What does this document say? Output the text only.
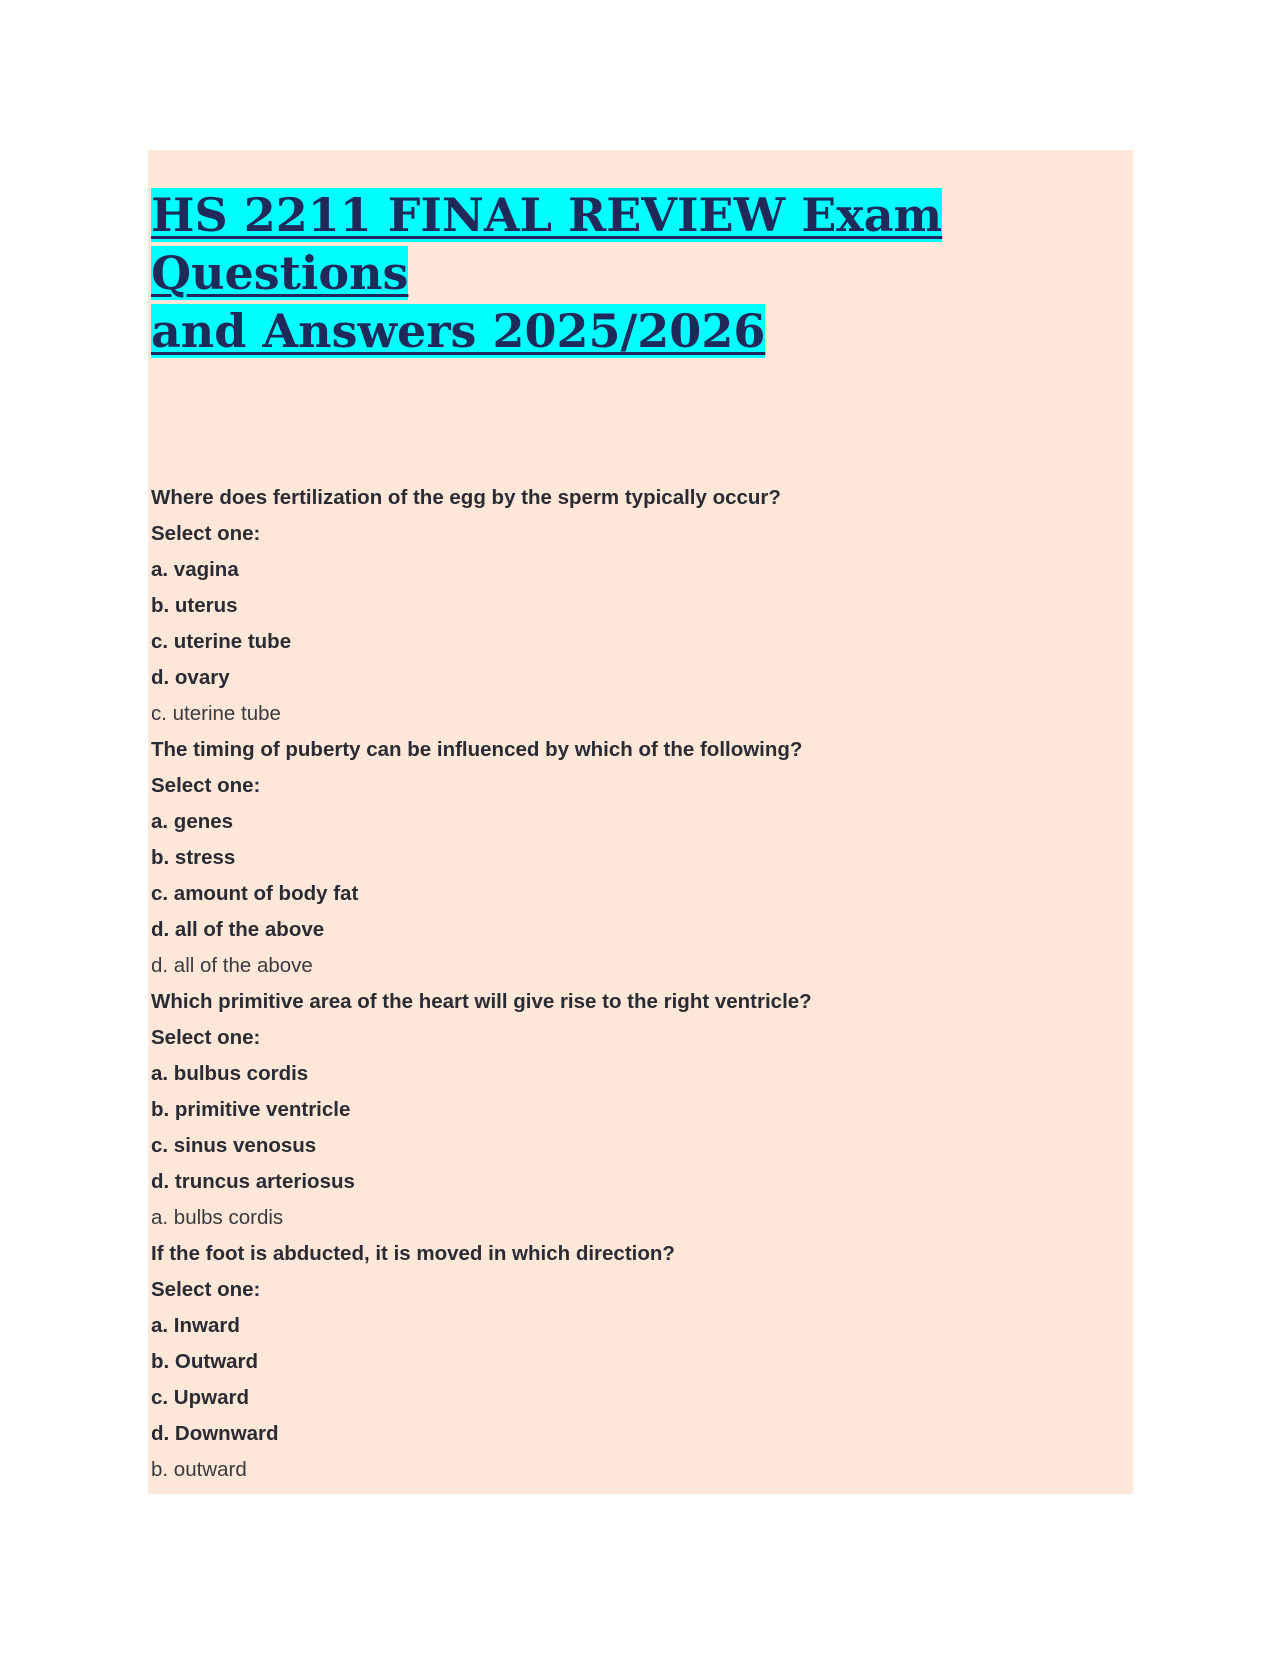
HS 2211 FINAL REVIEW Exam Questions
and Answers 2025/2026
Where does fertilization of the egg by the sperm typically occur?
Select one:
a. vagina
b. uterus
c. uterine tube
d. ovary
c. uterine tube
The timing of puberty can be influenced by which of the following?
Select one:
a. genes
b. stress
c. amount of body fat
d. all of the above
d. all of the above
Which primitive area of the heart will give rise to the right ventricle?
Select one:
a. bulbus cordis
b. primitive ventricle
c. sinus venosus
d. truncus arteriosus
a. bulbs cordis
If the foot is abducted, it is moved in which direction?
Select one:
a. Inward
b. Outward
c. Upward
d. Downward
b. outward
